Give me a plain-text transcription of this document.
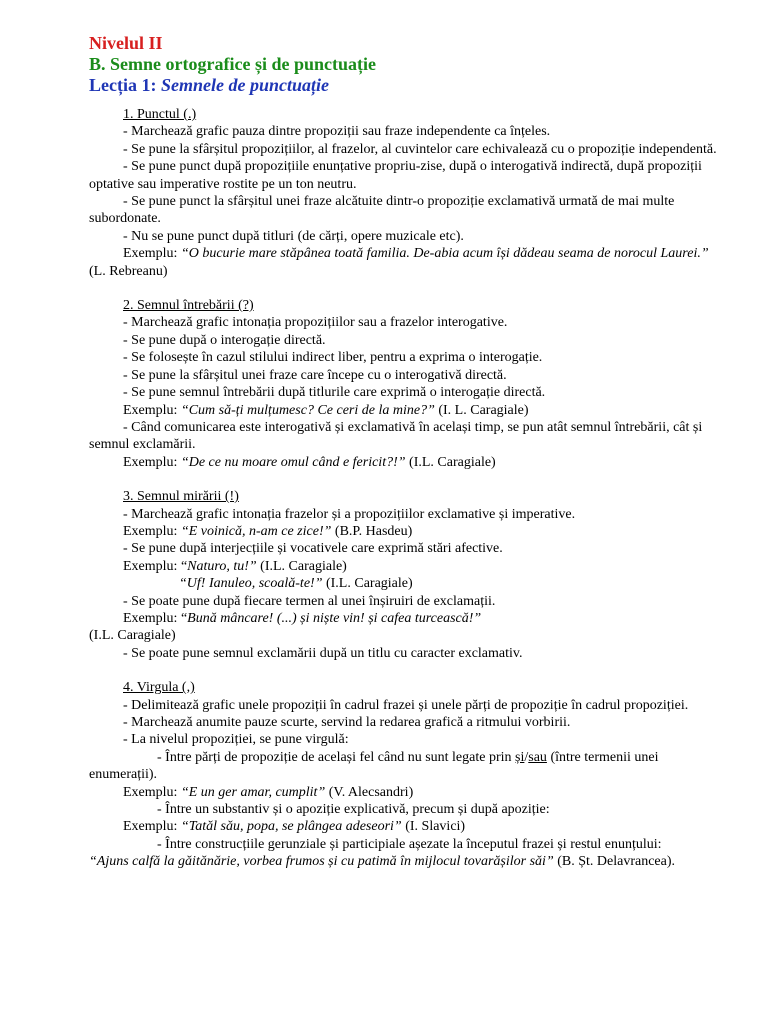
Nivelul II
B. Semne ortografice și de punctuație
Lecția 1: Semnele de punctuație

1. Punctul (.)

- Marchează grafic pauza dintre propoziții sau fraze independente ca înțeles.

- Se pune la sfârșitul propozițiilor, al frazelor, al cuvintelor care echivalează cu o propoziție independentă.

- Se pune punct după propozițiile enunțative propriu-zise, după o interogativă indirectă, după propoziții optative sau imperative rostite pe un ton neutru.

- Se pune punct la sfârșitul unei fraze alcătuite dintr-o propoziție exclamativă urmată de mai multe subordonate.

- Nu se pune punct după titluri (de cărți, opere muzicale etc).

Exemplu: “O bucurie mare stăpânea toată familia. De-abia acum își dădeau seama de norocul Laurei.” (L. Rebreanu)

2. Semnul întrebării (?)

- Marchează grafic intonația propozițiilor sau a frazelor interogative.

- Se pune după o interogație directă.

- Se folosește în cazul stilului indirect liber, pentru a exprima o interogație.

- Se pune la sfârșitul unei fraze care începe cu o interogativă directă.

- Se pune semnul întrebării după titlurile care exprimă o interogație directă.

Exemplu: “Cum să-ți mulțumesc? Ce ceri de la mine?” (I. L. Caragiale)

- Când comunicarea este interogativă și exclamativă în același timp, se pun atât semnul întrebării, cât și semnul exclamării.

Exemplu: “De ce nu moare omul când e fericit?!” (I.L. Caragiale)

3. Semnul mirării (!)

- Marchează grafic intonația frazelor și a propozițiilor exclamative și imperative.

Exemplu: “E voinică, n-am ce zice!” (B.P. Hasdeu)

- Se pune după interjecțiile și vocativele care exprimă stări afective.

Exemplu: “Naturo, tu!” (I.L. Caragiale)

“Uf! Ianuleo, scoală-te!” (I.L. Caragiale)

- Se poate pune după fiecare termen al unei înșiruiri de exclamații.

Exemplu: “Bună mâncare! (...) și niște vin! și cafea turcească!”

(I.L. Caragiale)

- Se poate pune semnul exclamării după un titlu cu caracter exclamativ.

4. Virgula (,)

- Delimitează grafic unele propoziții în cadrul frazei și unele părți de propoziție în cadrul propoziției.

- Marchează anumite pauze scurte, servind la redarea grafică a ritmului vorbirii.

- La nivelul propoziției, se pune virgulă:

- Între părți de propoziție de același fel când nu sunt legate prin și/sau (între termenii unei enumerații).

Exemplu: “E un ger amar, cumplit” (V. Alecsandri)

- Între un substantiv și o apoziție explicativă, precum și după apoziție:

Exemplu: “Tatăl său, popa, se plângea adeseori” (I. Slavici)

- Între construcțiile gerunziale și participiale așezate la începutul frazei și restul enunțului:

“Ajuns calfă la găitănărie, vorbea frumos și cu patimă în mijlocul tovarășilor săi” (B. Șt. Delavrancea).
